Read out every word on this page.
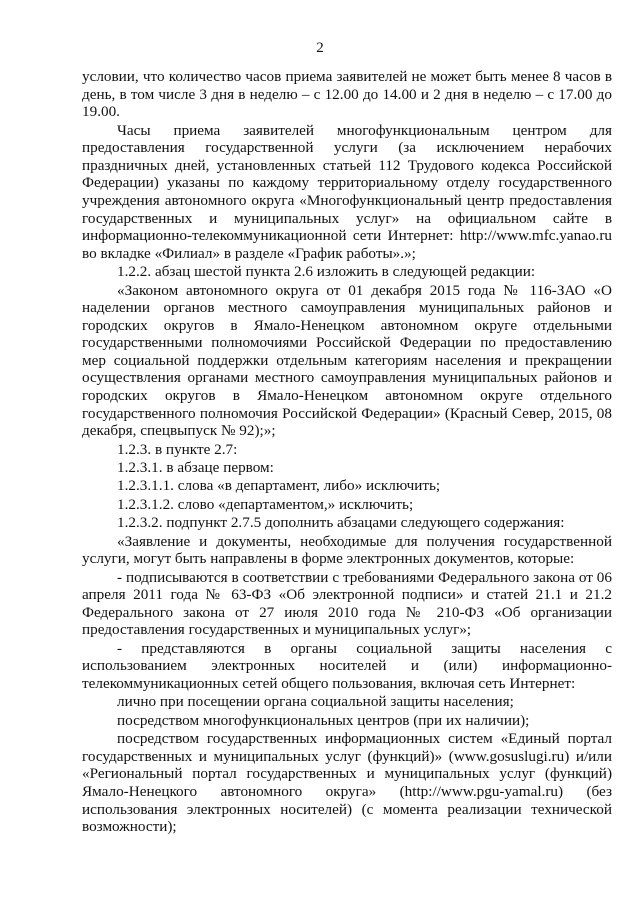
2

условии, что количество часов приема заявителей не может быть менее 8 часов в день, в том числе 3 дня в неделю – с 12.00 до 14.00 и 2 дня в неделю – с 17.00 до 19.00.

Часы приема заявителей многофункциональным центром для предоставления государственной услуги (за исключением нерабочих праздничных дней, установленных статьей 112 Трудового кодекса Российской Федерации) указаны по каждому территориальному отделу государственного учреждения автономного округа «Многофункциональный центр предоставления государственных и муниципальных услуг» на официальном сайте в информационно-телекоммуникационной сети Интернет: http://www.mfc.yanao.ru во вкладке «Филиал» в разделе «График работы».»;

1.2.2. абзац шестой пункта 2.6 изложить в следующей редакции:

«Законом автономного округа от 01 декабря 2015 года № 116-ЗАО «О наделении органов местного самоуправления муниципальных районов и городских округов в Ямало-Ненецком автономном округе отдельными государственными полномочиями Российской Федерации по предоставлению мер социальной поддержки отдельным категориям населения и прекращении осуществления органами местного самоуправления муниципальных районов и городских округов в Ямало-Ненецком автономном округе отдельного государственного полномочия Российской Федерации» (Красный Север, 2015, 08 декабря, спецвыпуск № 92);»;

1.2.3. в пункте 2.7:

1.2.3.1. в абзаце первом:

1.2.3.1.1. слова «в департамент, либо» исключить;

1.2.3.1.2. слово «департаментом,» исключить;

1.2.3.2. подпункт 2.7.5 дополнить абзацами следующего содержания:

«Заявление и документы, необходимые для получения государственной услуги, могут быть направлены в форме электронных документов, которые:

- подписываются в соответствии с требованиями Федерального закона от 06 апреля 2011 года № 63-ФЗ «Об электронной подписи» и статей 21.1 и 21.2 Федерального закона от 27 июля 2010 года № 210-ФЗ «Об организации предоставления государственных и муниципальных услуг»;

- представляются в органы социальной защиты населения с использованием электронных носителей и (или) информационно-телекоммуникационных сетей общего пользования, включая сеть Интернет:

лично при посещении органа социальной защиты населения;

посредством многофункциональных центров (при их наличии);

посредством государственных информационных систем «Единый портал государственных и муниципальных услуг (функций)» (www.gosuslugi.ru) и/или «Региональный портал государственных и муниципальных услуг (функций) Ямало-Ненецкого автономного округа» (http://www.pgu-yamal.ru) (без использования электронных носителей) (с момента реализации технической возможности);
